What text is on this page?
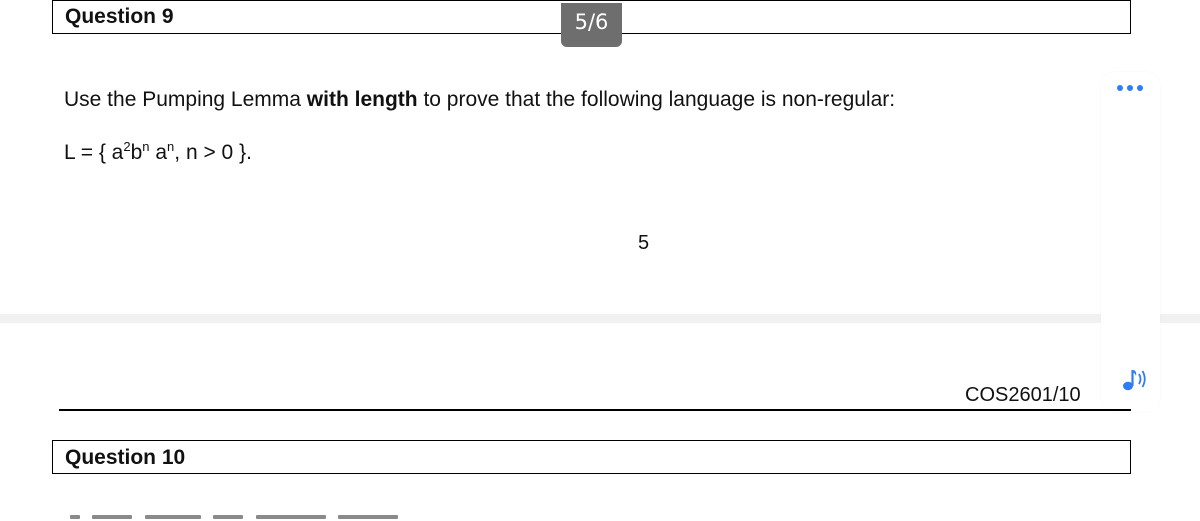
Question 9	5/6
Use the Pumping Lemma with length to prove that the following language is non-regular:
L = { $a^2b^n$ $a^n$, n > 0 }.
5
COS2601/10
Question 10
